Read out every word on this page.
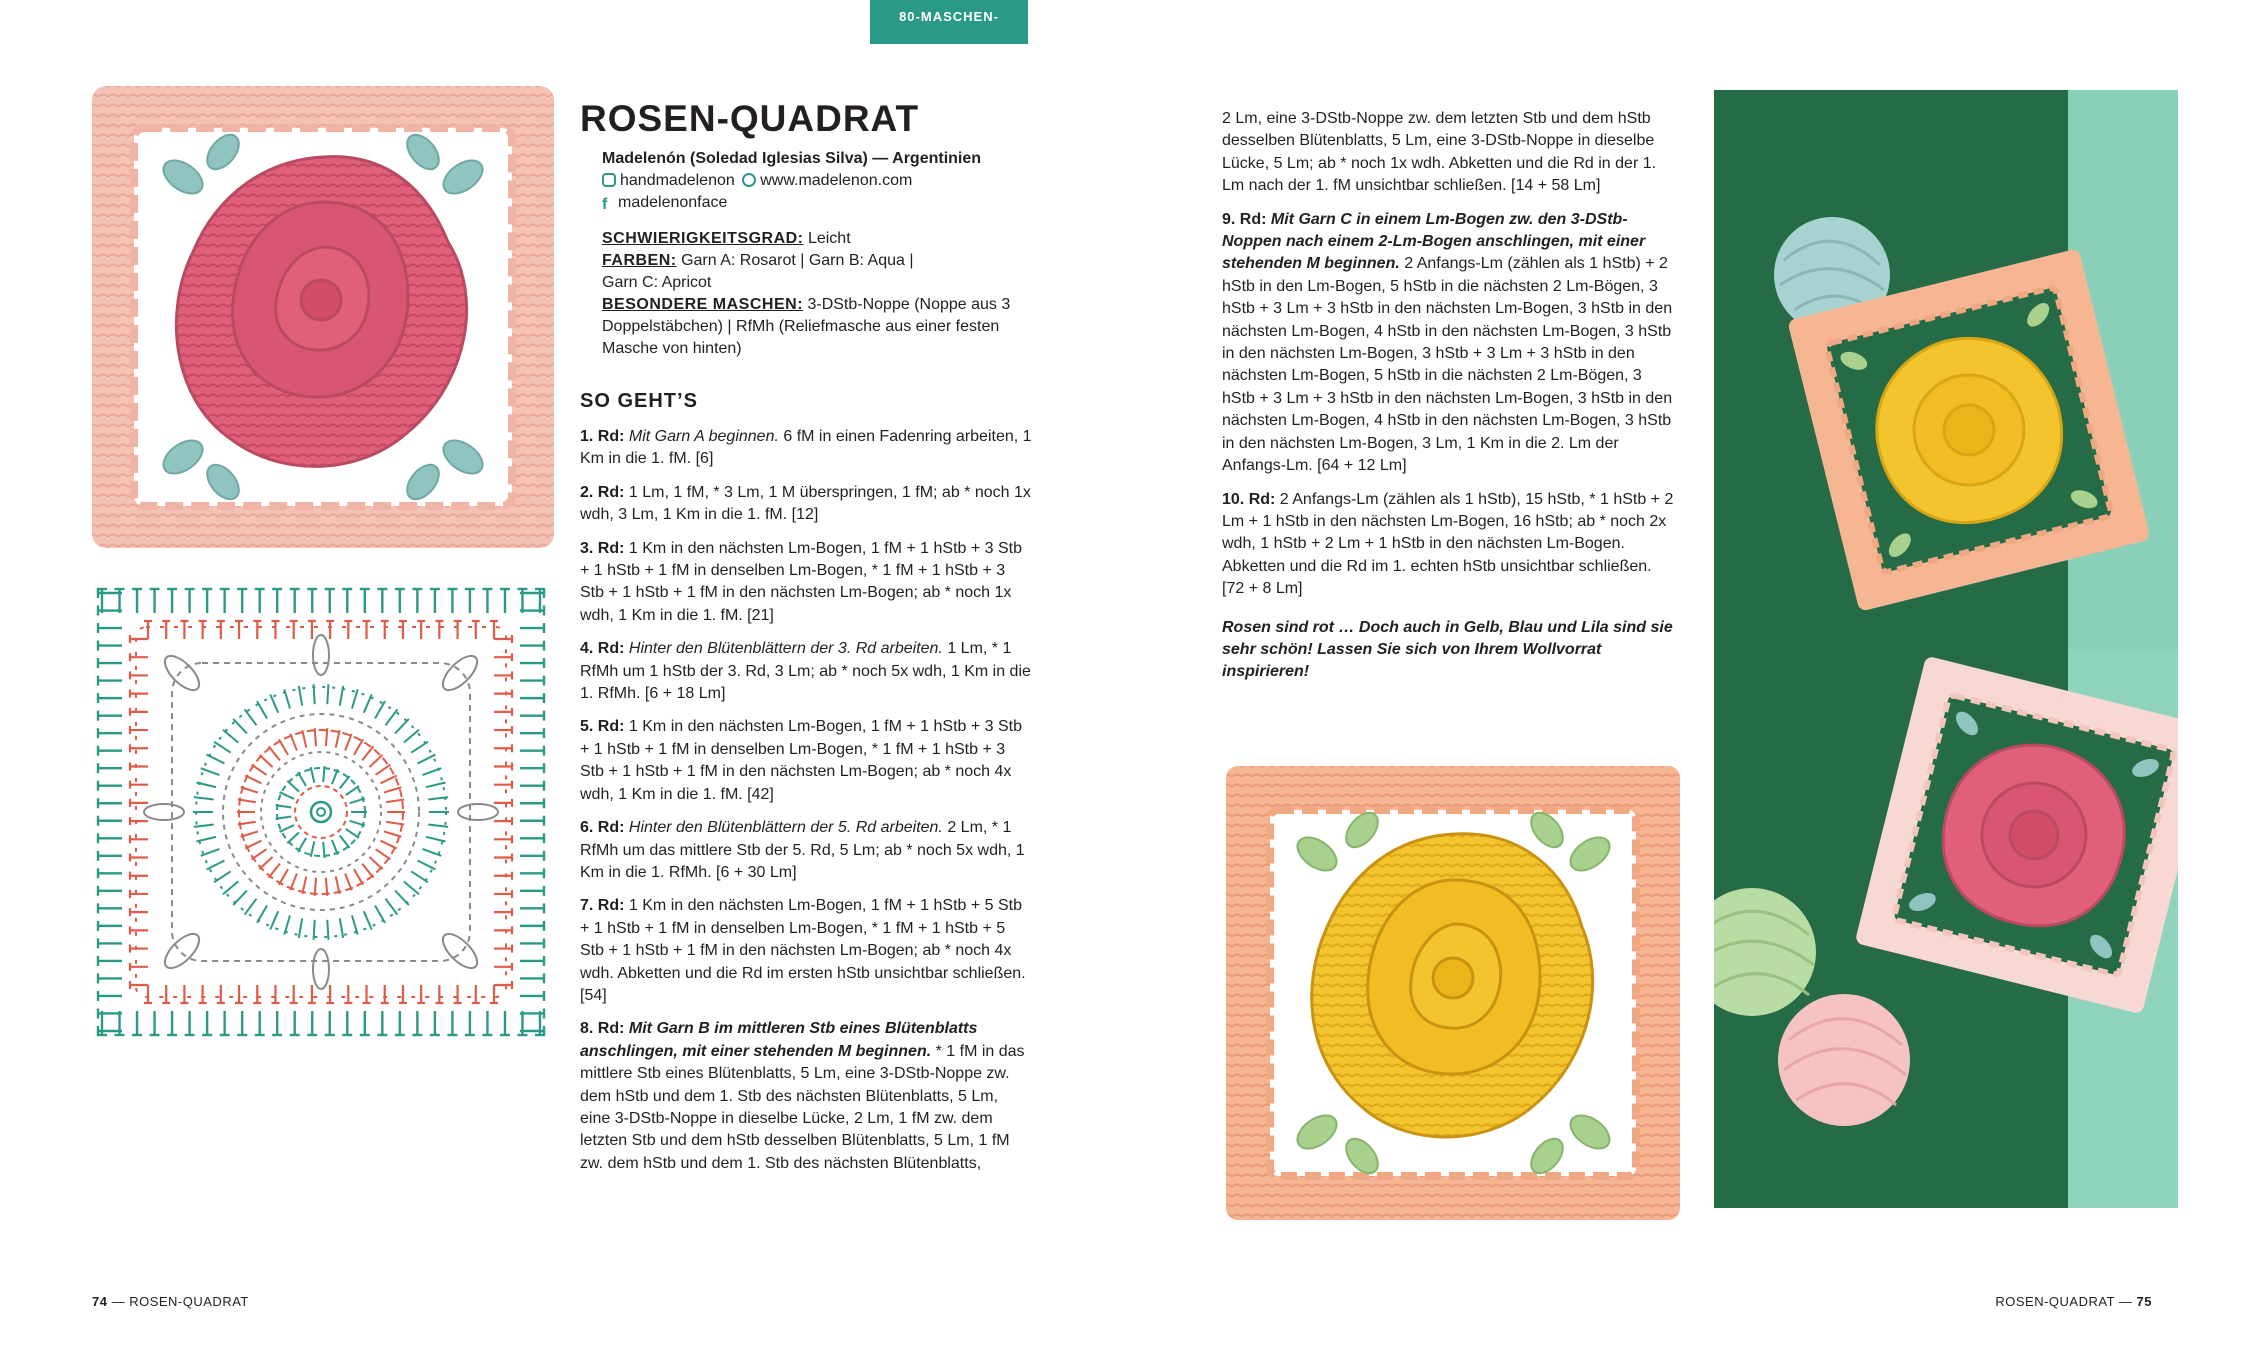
80-MASCHEN-QUADRAT
ROSEN-QUADRAT
Madelenón (Soledad Iglesias Silva) — Argentinien
handmadelenon www.madelenon.com
f madelenonface
SCHWIERIGKEITSGRAD: Leicht
FARBEN: Garn A: Rosarot | Garn B: Aqua |
Garn C: Apricot
BESONDERE MASCHEN: 3-DStb-Noppe (Noppe aus 3 Doppelstäbchen) | RfMh (Reliefmasche aus einer festen Masche von hinten)
SO GEHT’S

1. Rd: Mit Garn A beginnen. 6 fM in einen Fadenring arbeiten, 1 Km in die 1. fM. [6]

2. Rd: 1 Lm, 1 fM, * 3 Lm, 1 M überspringen, 1 fM; ab * noch 1x wdh, 3 Lm, 1 Km in die 1. fM. [12]

3. Rd: 1 Km in den nächsten Lm-Bogen, 1 fM + 1 hStb + 3 Stb + 1 hStb + 1 fM in denselben Lm-Bogen, * 1 fM + 1 hStb + 3 Stb + 1 hStb + 1 fM in den nächsten Lm-Bogen; ab * noch 1x wdh, 1 Km in die 1. fM. [21]

4. Rd: Hinter den Blütenblättern der 3. Rd arbeiten. 1 Lm, * 1 RfMh um 1 hStb der 3. Rd, 3 Lm; ab * noch 5x wdh, 1 Km in die 1. RfMh. [6 + 18 Lm]

5. Rd: 1 Km in den nächsten Lm-Bogen, 1 fM + 1 hStb + 3 Stb + 1 hStb + 1 fM in denselben Lm-Bogen, * 1 fM + 1 hStb + 3 Stb + 1 hStb + 1 fM in den nächsten Lm-Bogen; ab * noch 4x wdh, 1 Km in die 1. fM. [42]

6. Rd: Hinter den Blütenblättern der 5. Rd arbeiten. 2 Lm, * 1 RfMh um das mittlere Stb der 5. Rd, 5 Lm; ab * noch 5x wdh, 1 Km in die 1. RfMh. [6 + 30 Lm]

7. Rd: 1 Km in den nächsten Lm-Bogen, 1 fM + 1 hStb + 5 Stb + 1 hStb + 1 fM in denselben Lm-Bogen, * 1 fM + 1 hStb + 5 Stb + 1 hStb + 1 fM in den nächsten Lm-Bogen; ab * noch 4x wdh. Abketten und die Rd im ersten hStb unsichtbar schließen. [54]

8. Rd: Mit Garn B im mittleren Stb eines Blütenblatts anschlingen, mit einer stehenden M beginnen. * 1 fM in das mittlere Stb eines Blütenblatts, 5 Lm, eine 3-DStb-Noppe zw. dem hStb und dem 1. Stb des nächsten Blütenblatts, 5 Lm, eine 3-DStb-Noppe in dieselbe Lücke, 2 Lm, 1 fM zw. dem letzten Stb und dem hStb desselben Blütenblatts, 5 Lm, 1 fM zw. dem hStb und dem 1. Stb des nächsten Blütenblatts,

2 Lm, eine 3-DStb-Noppe zw. dem letzten Stb und dem hStb desselben Blütenblatts, 5 Lm, eine 3-DStb-Noppe in dieselbe Lücke, 5 Lm; ab * noch 1x wdh. Abketten und die Rd in der 1. Lm nach der 1. fM unsichtbar schließen. [14 + 58 Lm]

9. Rd: Mit Garn C in einem Lm-Bogen zw. den 3-DStb-Noppen nach einem 2-Lm-Bogen anschlingen, mit einer stehenden M beginnen. 2 Anfangs-Lm (zählen als 1 hStb) + 2 hStb in den Lm-Bogen, 5 hStb in die nächsten 2 Lm-Bögen, 3 hStb + 3 Lm + 3 hStb in den nächsten Lm-Bogen, 3 hStb in den nächsten Lm-Bogen, 4 hStb in den nächsten Lm-Bogen, 3 hStb in den nächsten Lm-Bogen, 3 hStb + 3 Lm + 3 hStb in den nächsten Lm-Bogen, 5 hStb in die nächsten 2 Lm-Bögen, 3 hStb + 3 Lm + 3 hStb in den nächsten Lm-Bogen, 3 hStb in den nächsten Lm-Bogen, 4 hStb in den nächsten Lm-Bogen, 3 hStb in den nächsten Lm-Bogen, 3 Lm, 1 Km in die 2. Lm der Anfangs-Lm. [64 + 12 Lm]

10. Rd: 2 Anfangs-Lm (zählen als 1 hStb), 15 hStb, * 1 hStb + 2 Lm + 1 hStb in den nächsten Lm-Bogen, 16 hStb; ab * noch 2x wdh, 1 hStb + 2 Lm + 1 hStb in den nächsten Lm-Bogen. Abketten und die Rd im 1. echten hStb unsichtbar schließen. [72 + 8 Lm]

Rosen sind rot … Doch auch in Gelb, Blau und Lila sind sie sehr schön! Lassen Sie sich von Ihrem Wollvorrat inspirieren!

74 — ROSEN-QUADRAT	ROSEN-QUADRAT — 75
